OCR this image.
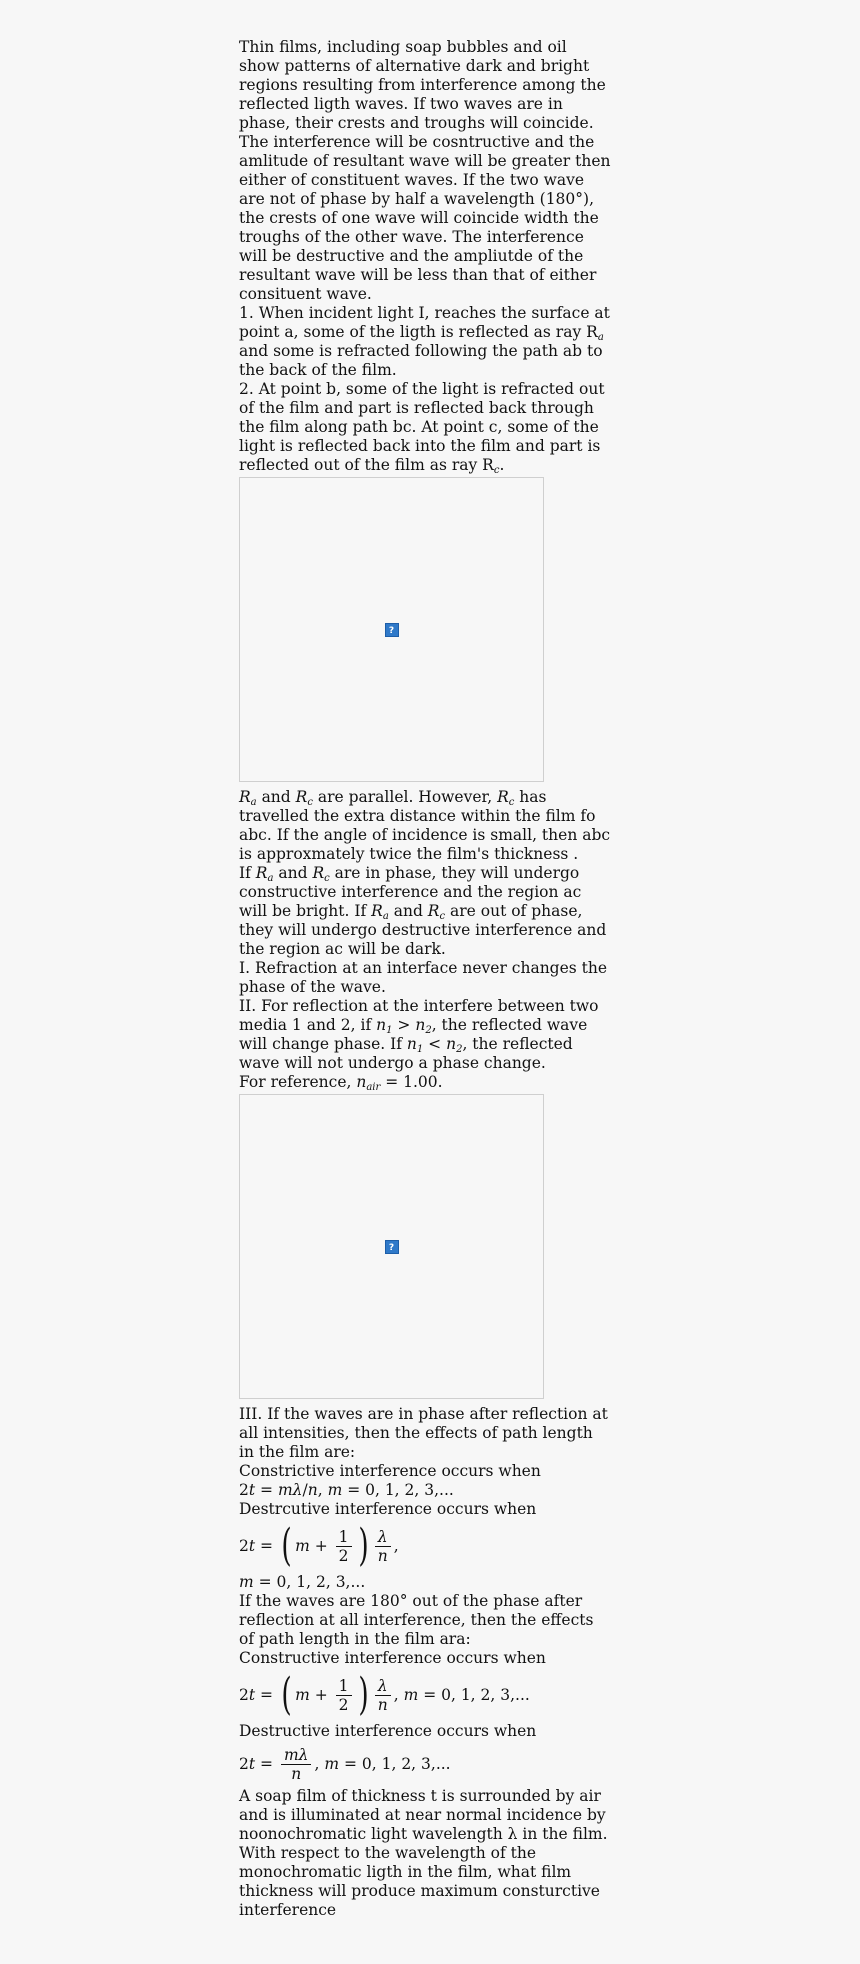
Thin films, including soap bubbles and oil
show patterns of alternative dark and bright
regions resulting from interference among the
reflected ligth waves. If two waves are in
phase, their crests and troughs will coincide.
The interference will be cosntructive and the
amlitude of resultant wave will be greater then
either of constituent waves. If the two wave
are not of phase by half a wavelength (180°),
the crests of one wave will coincide width the
troughs of the other wave. The interference
will be destructive and the ampliutde of the
resultant wave will be less than that of either
consituent wave.
1. When incident light I, reaches the surface at
point a, some of the ligth is reflected as ray $R_a$
and some is refracted following the path ab to
the back of the film.
2. At point b, some of the light is refracted out
of the film and part is reflected back through
the film along path bc. At point c, some of the
light is reflected back into the film and part is
reflected out of the film as ray $R_c$.
?
$R_a$ and $R_c$ are parallel. However, $R_c$ has
travelled the extra distance within the film fo
abc. If the angle of incidence is small, then abc
is approxmately twice the film's thickness .
If $R_a$ and $R_c$ are in phase, they will undergo
constructive interference and the region ac
will be bright. If $R_a$ and $R_c$ are out of phase,
they will undergo destructive interference and
the region ac will be dark.
I. Refraction at an interface never changes the
phase of the wave.
II. For reflection at the interfere between two
media 1 and 2, if $n_1 > n_2$, the reflected wave
will change phase. If $n_1 < n_2$, the reflected
wave will not undergo a phase change.
For reference, $n_{air} = 1.00$.
?
III. If the waves are in phase after reflection at
all intensities, then the effects of path length
in the film are:
Constrictive interference occurs when
2t = mλ/n, m = 0, 1, 2, 3,...
Destrcutive interference occurs when
2 t = ( $m + \frac{1}{2}$ ) $\frac{\lambda}{n}$ ,
m = 0, 1, 2, 3,...
If the waves are 180° out of the phase after
reflection at all interference, then the effects
of path length in the film ara:
Constructive interference occurs when
2 t = ( $m + \frac{1}{2}$ ) $\frac{\lambda}{n}$ , m = 0, 1, 2, 3,...
Destructive interference occurs when
2 $t = \frac{m\lambda}{n}$ , m = 0, 1, 2, 3,...
A soap film of thickness t is surrounded by air
and is illuminated at near normal incidence by
noonochromatic light wavelength λ in the film.
With respect to the wavelength of the
monochromatic ligth in the film, what film
thickness will produce maximum consturctive
interference
